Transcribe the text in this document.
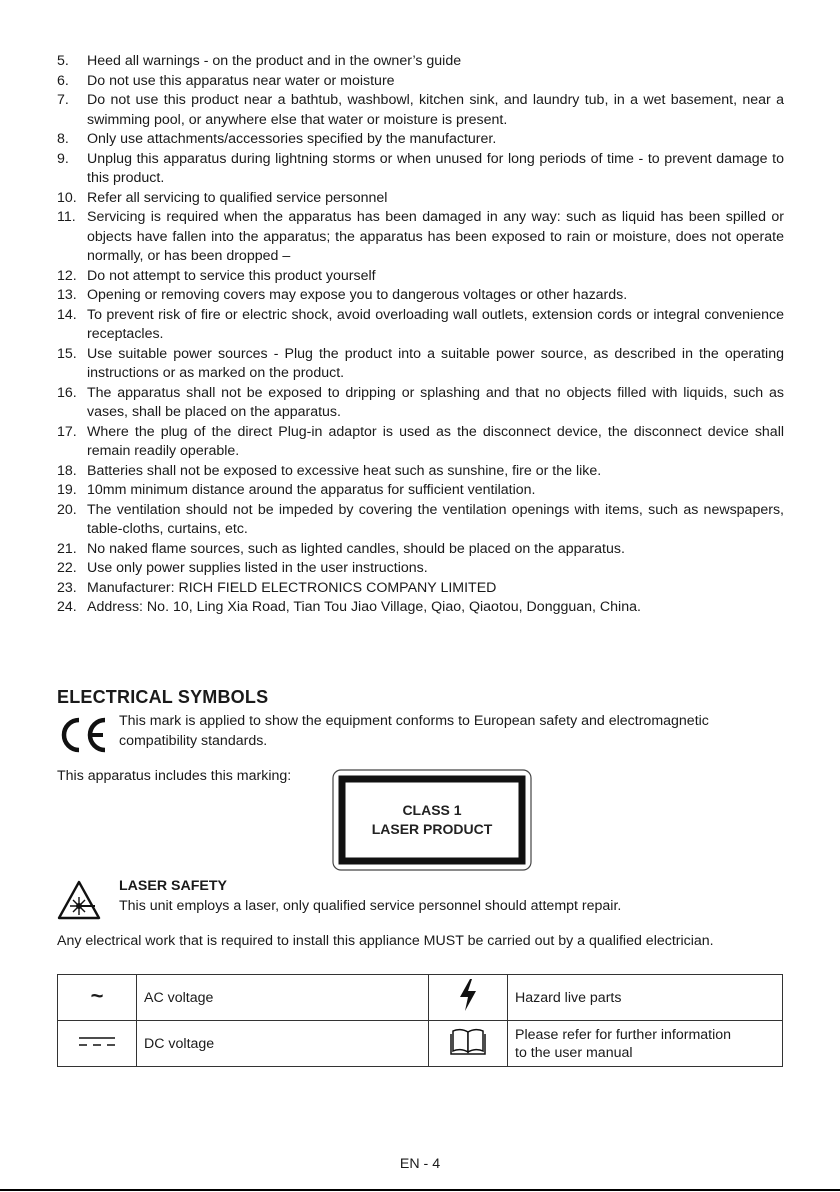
5.	Heed all warnings - on the product and in the owner’s guide
6.	Do not use this apparatus near water or moisture
7.	Do not use this product near a bathtub, washbowl, kitchen sink, and laundry tub, in a wet basement, near a swimming pool, or anywhere else that water or moisture is present.
8.	Only use attachments/accessories specified by the manufacturer.
9.	Unplug this apparatus during lightning storms or when unused for long periods of time - to prevent damage to this product.
10. Refer all servicing to qualified service personnel
11. Servicing is required when the apparatus has been damaged in any way: such as liquid has been spilled or objects have fallen into the apparatus; the apparatus has been exposed to rain or moisture, does not operate normally, or has been dropped –
12. Do not attempt to service this product yourself
13. Opening or removing covers may expose you to dangerous voltages or other hazards.
14. To prevent risk of fire or electric shock, avoid overloading wall outlets, extension cords or integral convenience receptacles.
15. Use suitable power sources - Plug the product into a suitable power source, as described in the operating instructions or as marked on the product.
16. The apparatus shall not be exposed to dripping or splashing and that no objects filled with liquids, such as vases, shall be placed on the apparatus.
17. Where the plug of the direct Plug-in adaptor is used as the disconnect device, the disconnect device shall remain readily operable.
18. Batteries shall not be exposed to excessive heat such as sunshine, fire or the like.
19. 10mm minimum distance around the apparatus for sufficient ventilation.
20. The ventilation should not be impeded by covering the ventilation openings with items, such as newspapers, table-cloths, curtains, etc.
21. No naked flame sources, such as lighted candles, should be placed on the apparatus.
22. Use only power supplies listed in the user instructions.
23. Manufacturer: RICH FIELD ELECTRONICS COMPANY LIMITED
24. Address: No. 10, Ling Xia Road, Tian Tou Jiao Village, Qiao, Qiaotou, Dongguan, China.
ELECTRICAL SYMBOLS
This mark is applied to show the equipment conforms to European safety and electromagnetic compatibility standards.
This apparatus includes this marking:
CLASS 1
LASER PRODUCT
LASER SAFETY
This unit employs a laser, only qualified service personnel should attempt repair.

Any electrical work that is required to install this appliance MUST be carried out by a qualified electrician.

~	AC voltage		Hazard live parts
	DC voltage		Please refer for further information
to the user manual
EN - 4
